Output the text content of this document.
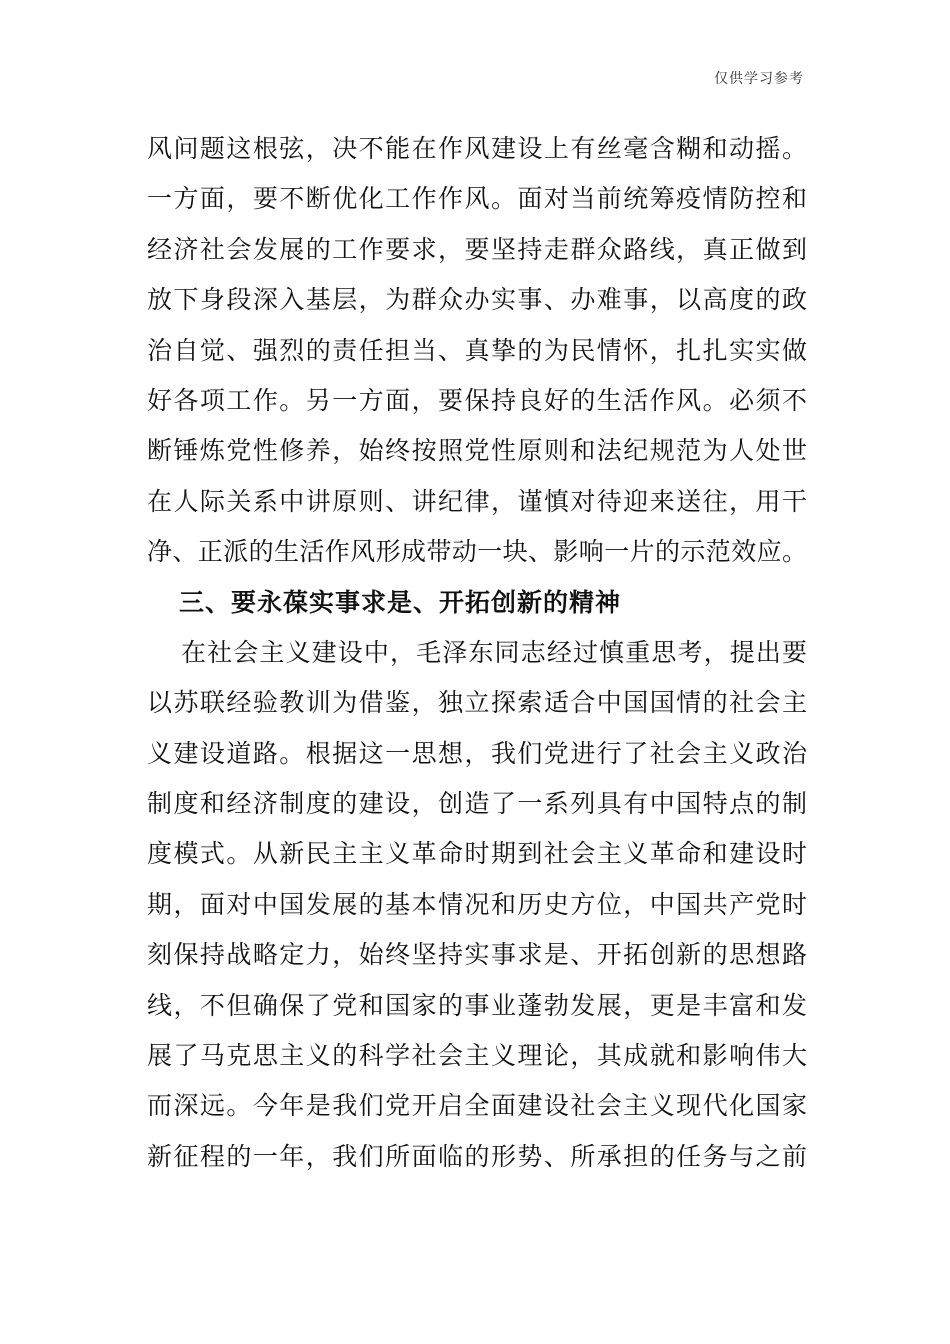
仅供学习参考
风问题这根弦，决不能在作风建设上有丝毫含糊和动摇。
一方面，要不断优化工作作风。面对当前统筹疫情防控和
经济社会发展的工作要求，要坚持走群众路线，真正做到
放下身段深入基层，为群众办实事、办难事，以高度的政
治自觉、强烈的责任担当、真挚的为民情怀，扎扎实实做
好各项工作。另一方面，要保持良好的生活作风。必须不
断锤炼党性修养，始终按照党性原则和法纪规范为人处世
在人际关系中讲原则、讲纪律，谨慎对待迎来送往，用干
净、正派的生活作风形成带动一块、影响一片的示范效应。
三、要永葆实事求是、开拓创新的精神
在社会主义建设中，毛泽东同志经过慎重思考，提出要
以苏联经验教训为借鉴，独立探索适合中国国情的社会主
义建设道路。根据这一思想，我们党进行了社会主义政治
制度和经济制度的建设，创造了一系列具有中国特点的制
度模式。从新民主主义革命时期到社会主义革命和建设时
期，面对中国发展的基本情况和历史方位，中国共产党时
刻保持战略定力，始终坚持实事求是、开拓创新的思想路
线，不但确保了党和国家的事业蓬勃发展，更是丰富和发
展了马克思主义的科学社会主义理论，其成就和影响伟大
而深远。今年是我们党开启全面建设社会主义现代化国家
新征程的一年，我们所面临的形势、所承担的任务与之前
